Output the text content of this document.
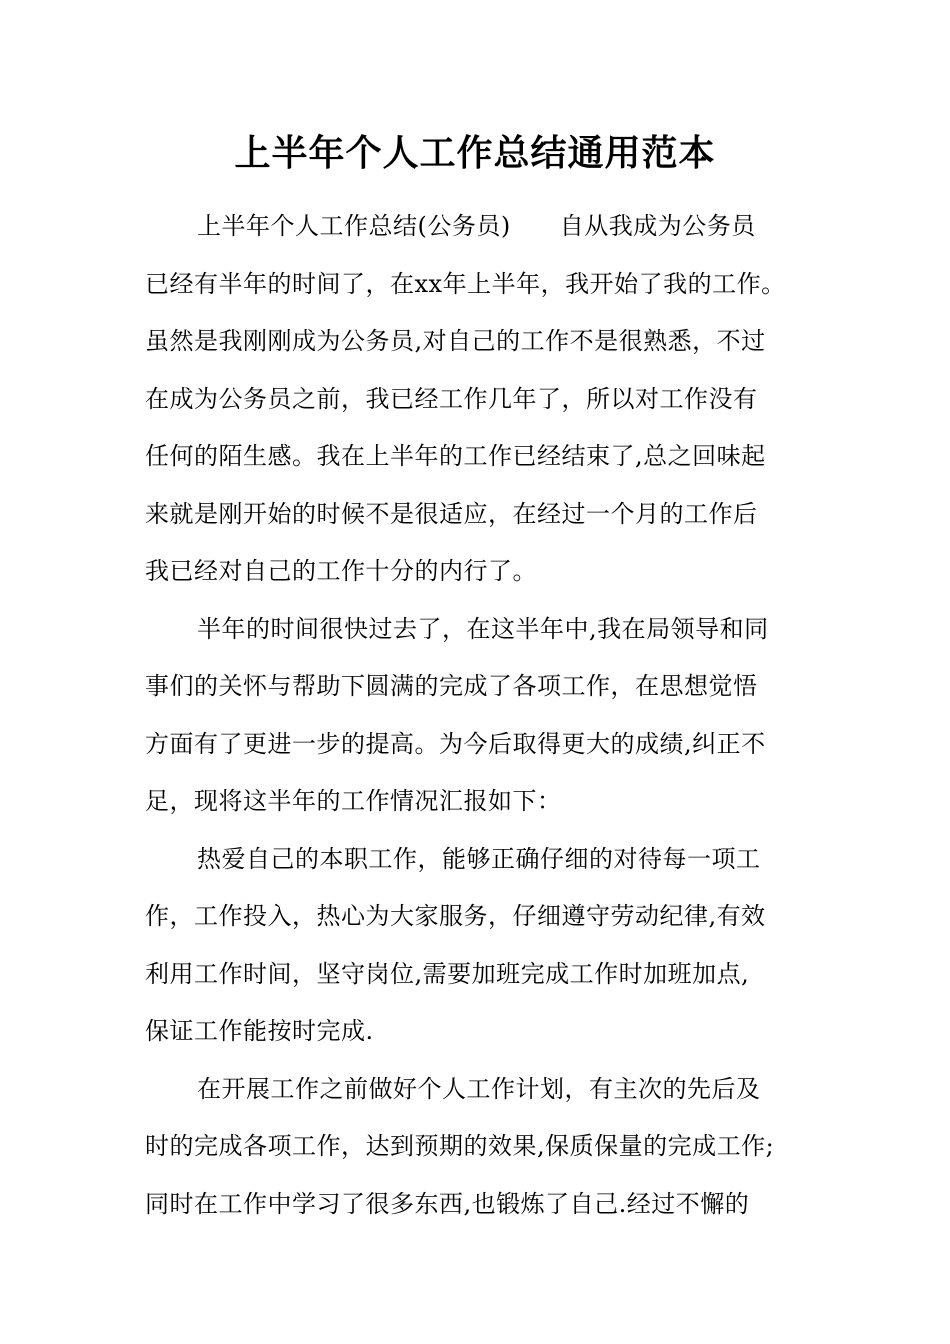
上半年个人工作总结通用范本
上半年个人工作总结(公务员)　　自从我成为公务员
已经有半年的时间了，在xx年上半年，我开始了我的工作。
虽然是我刚刚成为公务员,对自己的工作不是很熟悉，不过
在成为公务员之前，我已经工作几年了，所以对工作没有
任何的陌生感。我在上半年的工作已经结束了,总之回味起
来就是刚开始的时候不是很适应，在经过一个月的工作后
我已经对自己的工作十分的内行了。
半年的时间很快过去了，在这半年中,我在局领导和同
事们的关怀与帮助下圆满的完成了各项工作，在思想觉悟
方面有了更进一步的提高。为今后取得更大的成绩,纠正不
足，现将这半年的工作情况汇报如下：
热爱自己的本职工作，能够正确仔细的对待每一项工
作，工作投入，热心为大家服务，仔细遵守劳动纪律,有效
利用工作时间，坚守岗位,需要加班完成工作时加班加点,
保证工作能按时完成.
在开展工作之前做好个人工作计划，有主次的先后及
时的完成各项工作，达到预期的效果,保质保量的完成工作;
同时在工作中学习了很多东西,也锻炼了自己.经过不懈的
